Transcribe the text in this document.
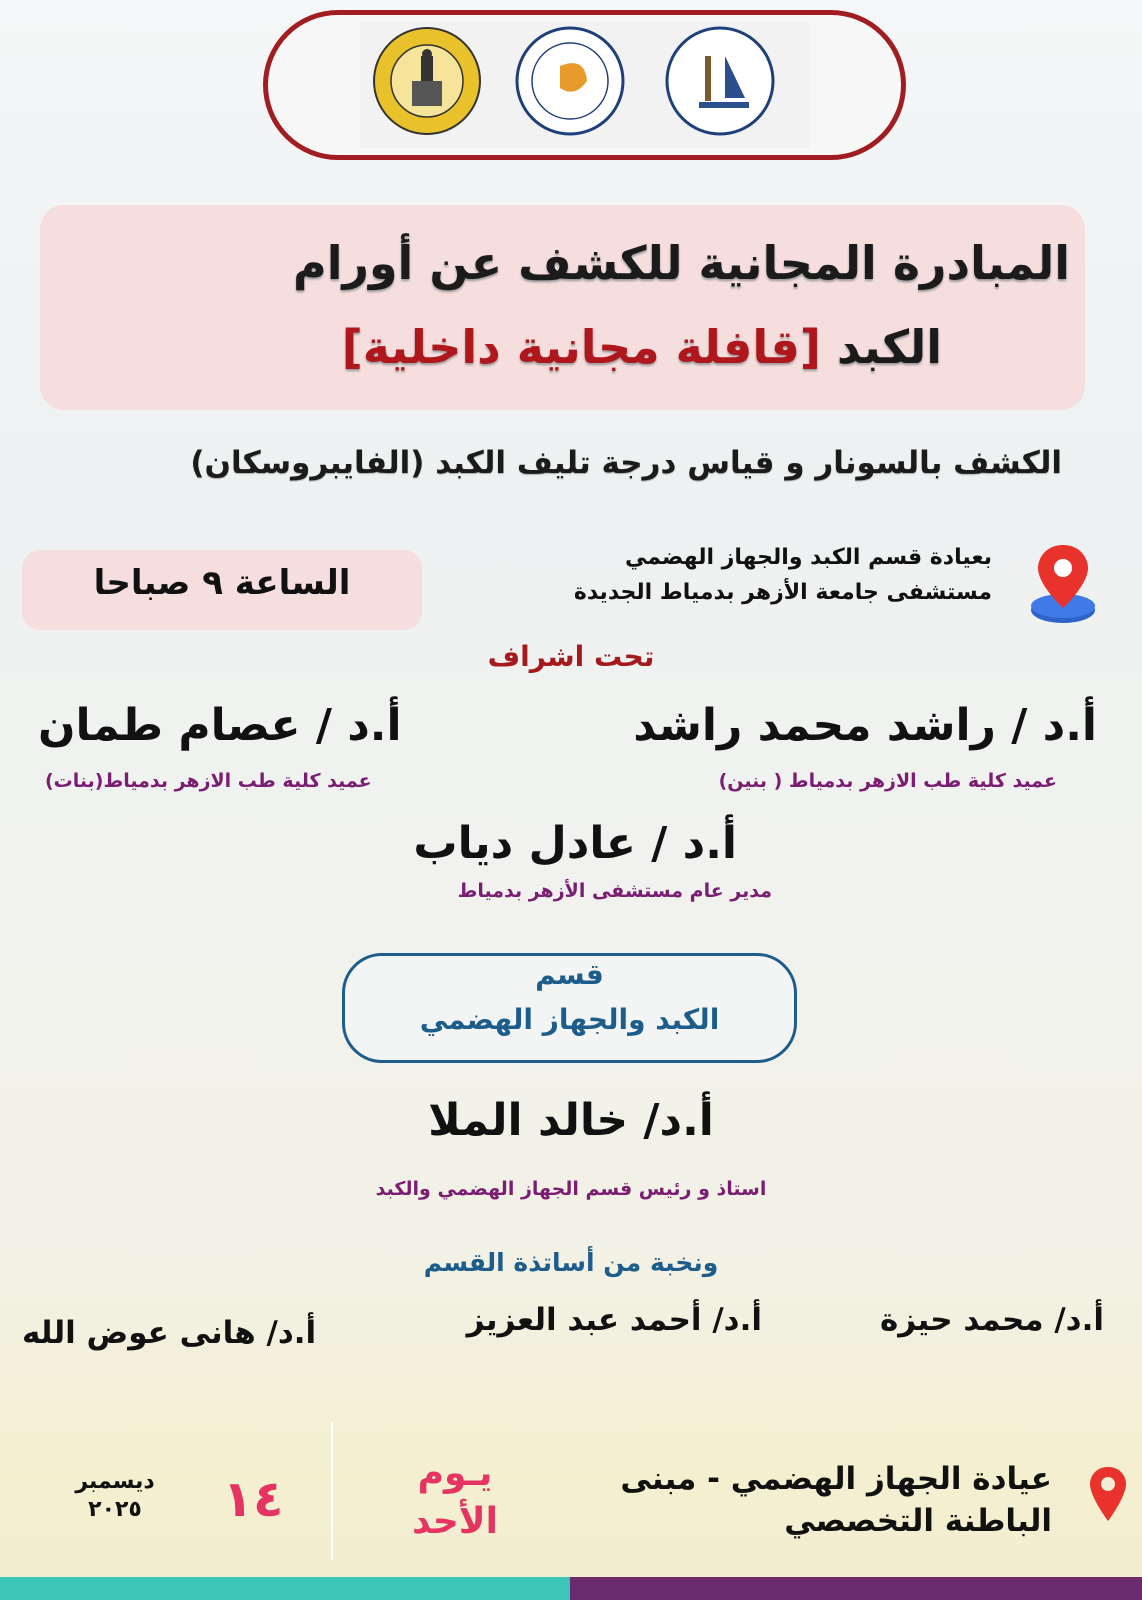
المبادرة المجانية للكشف عن أورام
الكبد [قافلة مجانية داخلية]
الكشف بالسونار و قياس درجة تليف الكبد (الفايبروسكان)
الساعة ٩ صباحا
بعيادة قسم الكبد والجهاز الهضمي
مستشفى جامعة الأزهر بدمياط الجديدة
تحت اشراف
أ.د / راشد محمد راشد
عميد كلية طب الازهر بدمياط ( بنين)
أ.د / عصام طمان
عميد كلية طب الازهر بدمياط(بنات)
أ.د / عادل دياب
مدير عام مستشفى الأزهر بدمياط
قسم
الكبد والجهاز الهضمي
أ.د/ خالد الملا
استاذ و رئيس قسم الجهاز الهضمي والكبد
ونخبة من أساتذة القسم
أ.د/ محمد حيزة
أ.د/ أحمد عبد العزيز
أ.د/ هانى عوض الله
عيادة الجهاز الهضمي - مبنى
الباطنة التخصصي
يـوم
الأحد
١٤
ديسمبر
٢٠٢٥
